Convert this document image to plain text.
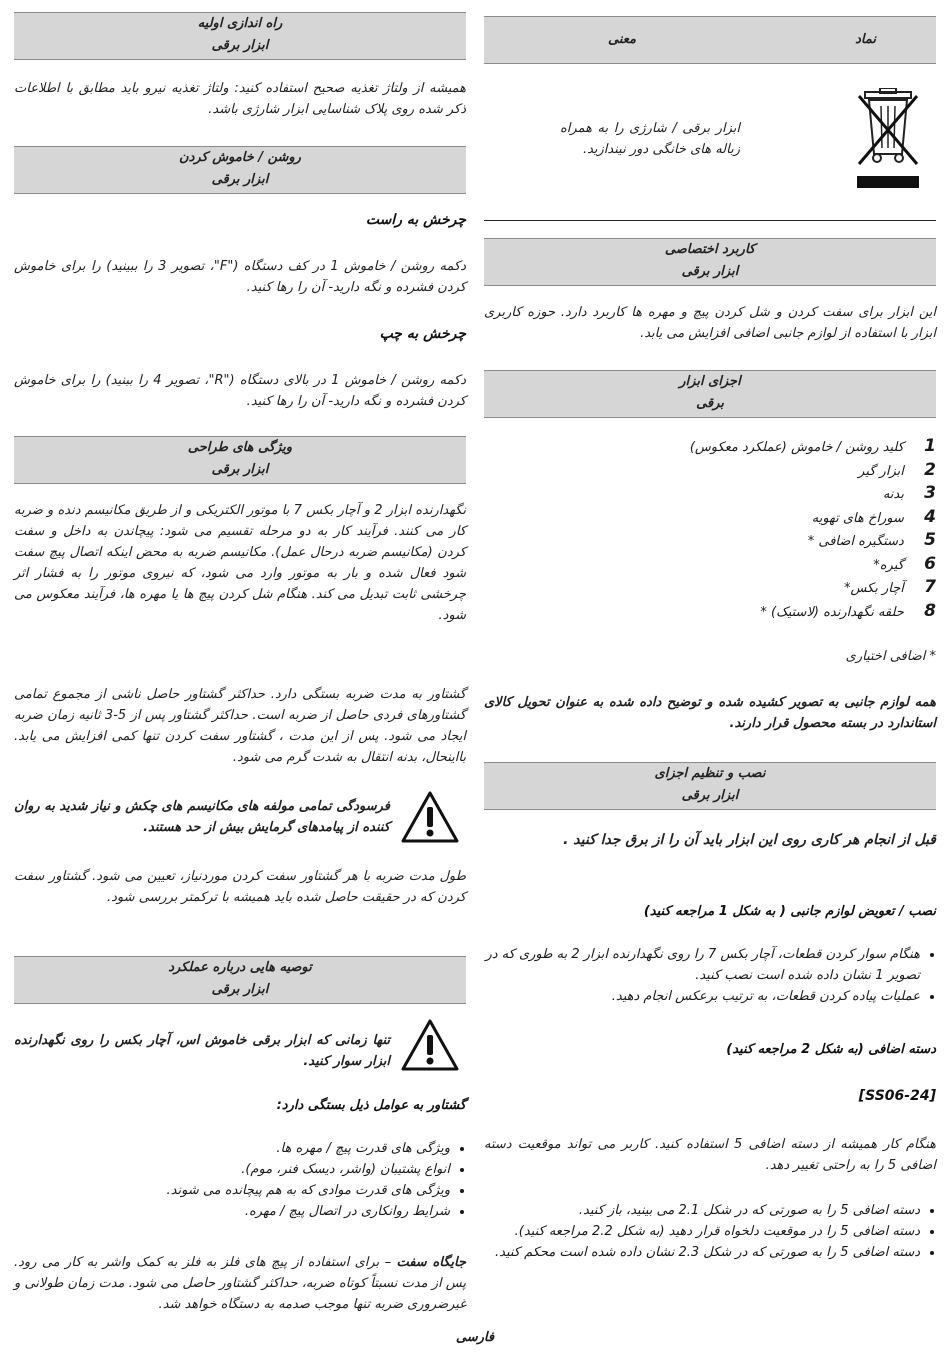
نماد
معنی
ابزار برقی / شارژی را به همراه زباله های خانگی دور نیندازید.
کاربرد اختصاصی
ابزار برقی
این ابزار برای سفت کردن و شل کردن پیچ و مهره ها کاربرد دارد. حوزه کاربری ابزار با استفاده از لوازم جانبی اضافی افزایش می یابد.
اجزای ابزار
برقی
1 کلید روشن / خاموش (عملکرد معکوس)
2 ابزار گیر
3 بدنه
4 سوراخ های تهویه
5 دستگیره اضافی *
6 گیره*
7 آچار بکس*
8 حلقه نگهدارنده (لاستیک) *
* اضافی اختیاری
همه لوازم جانبی به تصویر کشیده شده و توضیح داده شده به عنوان تحویل کالای استاندارد در بسته محصول قرار دارند.
نصب و تنظیم اجزای
ابزار برقی
قبل از انجام هر کاری روی این ابزار باید آن را از برق جدا کنید .
نصب / تعویض لوازم جانبی ( به شکل 1 مراجعه کنید)
• هنگام سوار کردن قطعات، آچار بکس 7 را روی نگهدارنده ابزار 2 به طوری که در تصویر 1 نشان داده شده است نصب کنید.
• عملیات پیاده کردن قطعات، به ترتیب برعکس انجام دهید.
دسته اضافی (به شکل 2 مراجعه کنید)
[SS06-24]
هنگام کار همیشه از دسته اضافی 5 استفاده کنید. کاربر می تواند موقعیت دسته اضافی 5 را به راحتی تغییر دهد.
• دسته اضافی 5 را به صورتی که در شکل 2.1 می بینید، باز کنید.
• دسته اضافی 5 را در موقعیت دلخواه قرار دهید (به شکل 2.2 مراجعه کنید).
• دسته اضافی 5 را به صورتی که در شکل 2.3 نشان داده شده است محکم کنید.
راه اندازی اولیه
ابزار برقی
همیشه از ولتاژ تغذیه صحیح استفاده کنید: ولتاژ تغذیه نیرو باید مطابق با اطلاعات ذکر شده روی پلاک شناسایی ابزار شارژی باشد.
روشن / خاموش کردن
ابزار برقی
چرخش به راست
دکمه روشن / خاموش 1 در کف دستگاه ("F"، تصویر 3 را ببینید) را برای خاموش کردن فشرده و نگه دارید- آن را رها کنید.
چرخش به چپ
دکمه روشن / خاموش 1 در بالای دستگاه ("R"، تصویر 4 را ببنید) را برای خاموش کردن فشرده و نگه دارید- آن را رها کنید.
ویژگی های طراحی
ابزار برقی
نگهدارنده ابزار 2 و آچار بکس 7 با موتور الکتریکی و از طریق مکانیسم دنده و ضربه کار می کنند. فرآیند کار به دو مرحله تقسیم می شود: پیچاندن به داخل و سفت کردن (مکانیسم ضربه درحال عمل). مکانیسم ضربه به محض اینکه اتصال پیچ سفت شود فعال شده و بار به موتور وارد می شود، که نیروی موتور را به فشار اثر چرخشی ثابت تبدیل می کند. هنگام شل کردن پیچ ها یا مهره ها، فرآیند معکوس می شود.
گشتاور به مدت ضربه بستگی دارد. حداکثر گشتاور حاصل ناشی از مجموع تمامی گشتاورهای فردی حاصل از ضربه است. حداکثر گشتاور پس از 5-3 ثانیه زمان ضربه ایجاد می شود. پس از این مدت ، گشتاور سفت کردن تنها کمی افزایش می یابد. بااینحال، بدنه انتقال به شدت گرم می شود.
فرسودگی تمامی مولفه های مکانیسم های چکش و نیاز شدید به روان کننده از پیامدهای گرمایش بیش از حد هستند.
طول مدت ضربه با هر گشتاور سفت کردن موردنیاز، تعیین می شود. گشتاور سفت کردن که در حقیقت حاصل شده باید همیشه با ترکمتر بررسی شود.
توصیه هایی درباره عملکرد
ابزار برقی
تنها زمانی که ابزار برقی خاموش اس، آچار بکس را روی نگهدارنده ابزار سوار کنید.
گشتاور به عوامل ذیل بستگی دارد:
• ویژگی های قدرت پیچ / مهره ها.
• انواع پشتیبان (واشر، دیسک فنر، موم).
• ویژگی های قدرت موادی که به هم پیچانده می شوند.
• شرایط روانکاری در اتصال پیچ / مهره.
جایگاه سفت – برای استفاده از پیچ های فلز به فلز به کمک واشر به کار می رود. پس از مدت نسبتاً کوتاه ضربه، حداکثر گشتاور حاصل می شود. مدت زمان طولانی و غیرضروری ضربه تنها موجب صدمه به دستگاه خواهد شد.
فارسی
